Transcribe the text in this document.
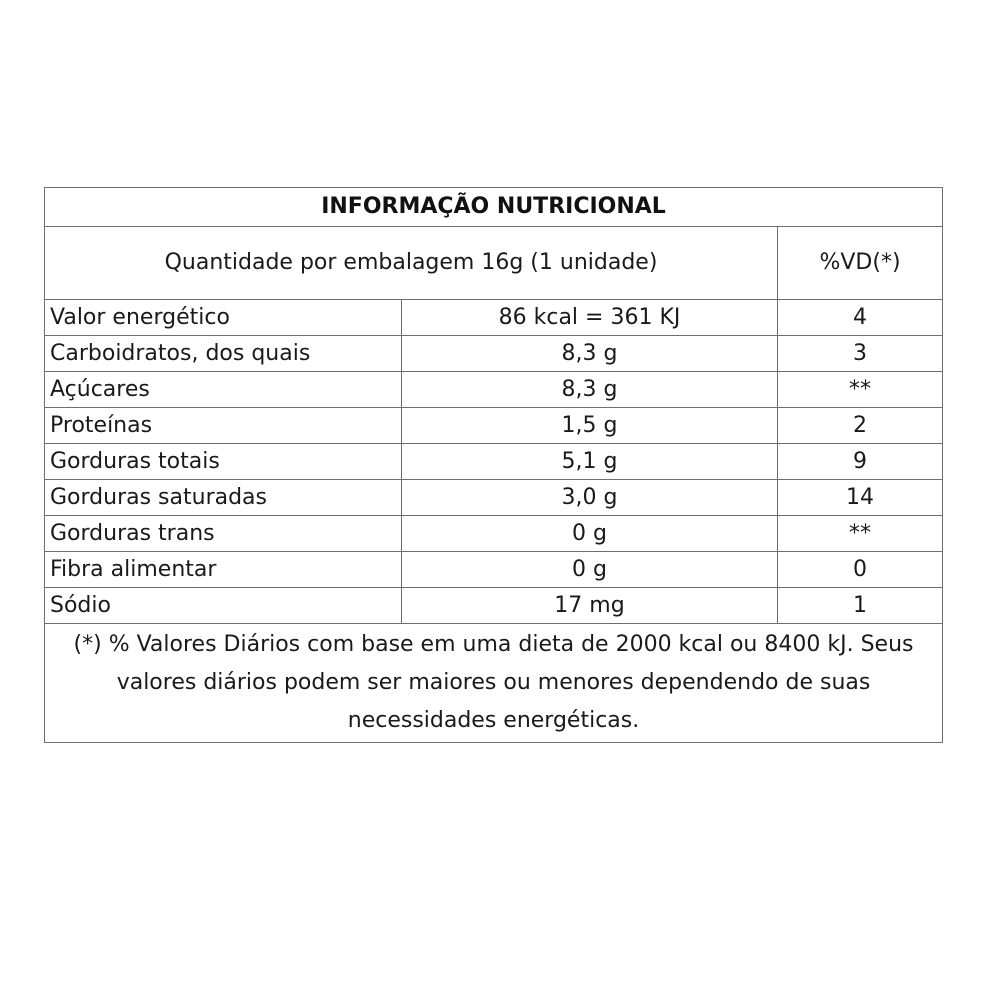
INFORMAÇÃO NUTRICIONAL		
Quantidade por embalagem 16g (1 unidade)		%VD(*)
Valor energético	86 kcal = 361 KJ	4
Carboidratos, dos quais	8,3 g	3
Açúcares	8,3 g	**
Proteínas	1,5 g	2
Gorduras totais	5,1 g	9
Gorduras saturadas	3,0 g	14
Gorduras trans	0 g	**
Fibra alimentar	0 g	0
Sódio	17 mg	1

(*) % Valores Diários com base em uma dieta de 2000 kcal ou 8400 kJ. Seus
valores diários podem ser maiores ou menores dependendo de suas
necessidades energéticas.		
